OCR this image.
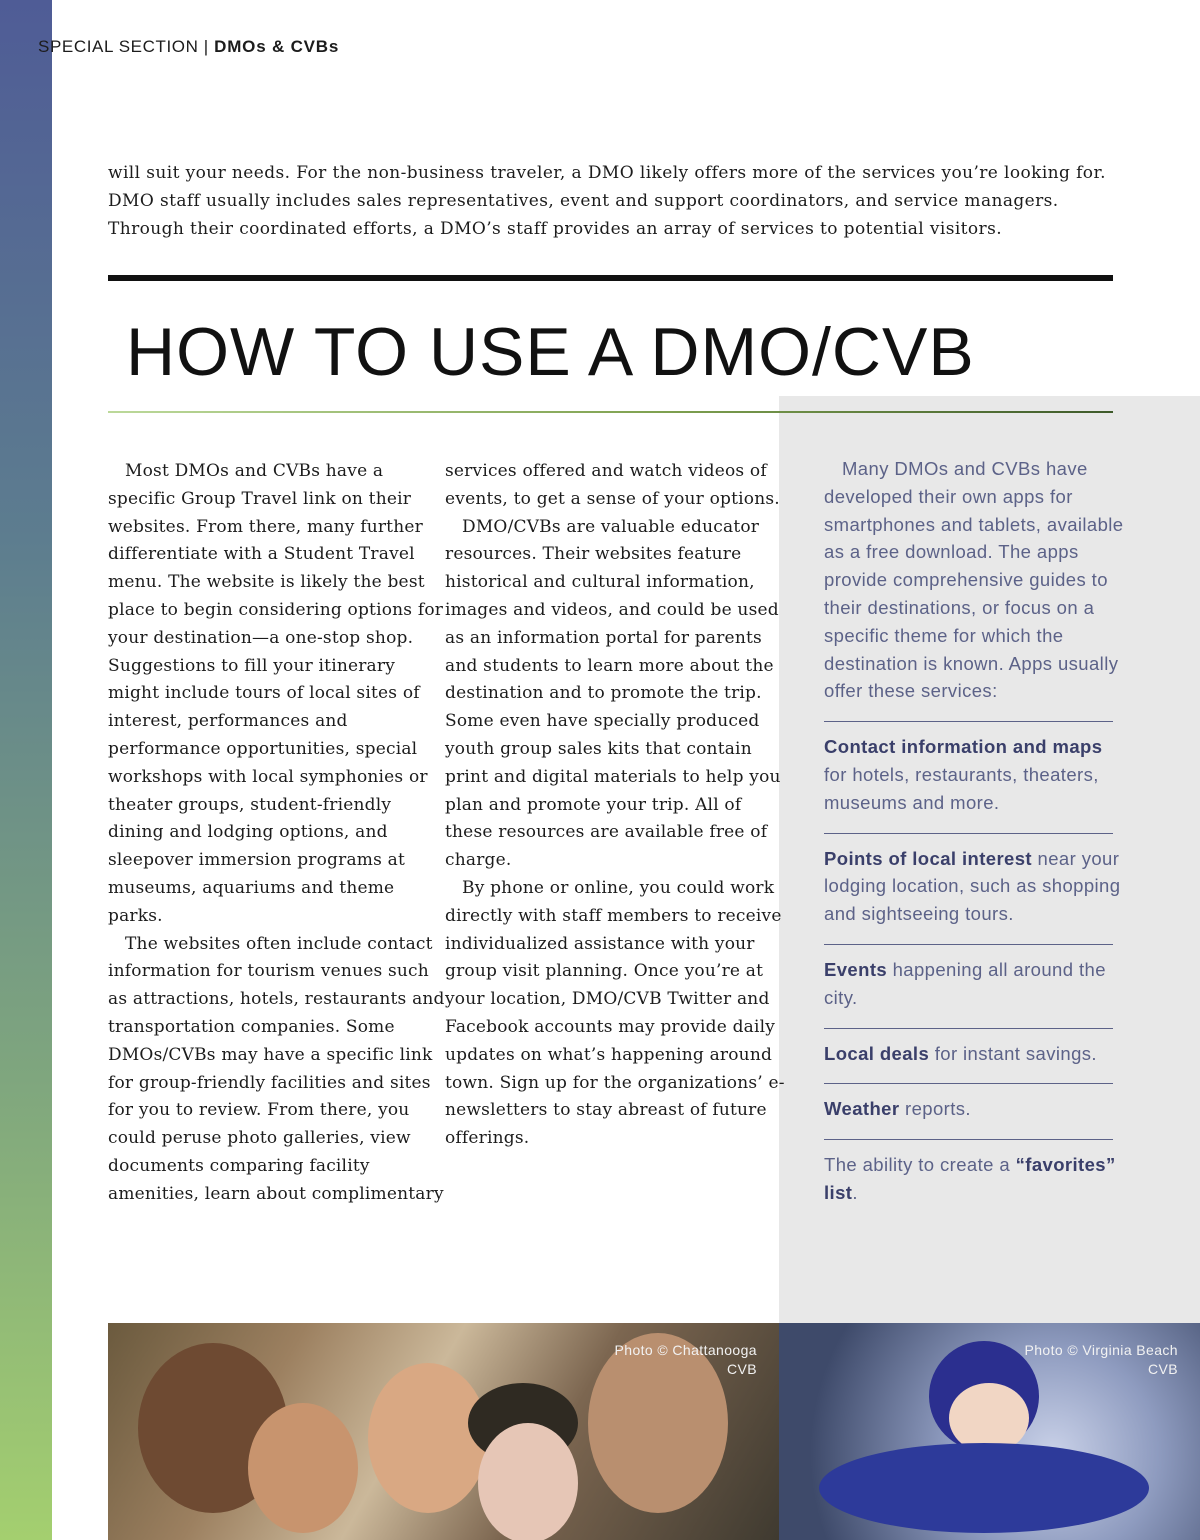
SPECIAL SECTION | DMOs & CVBs

will suit your needs. For the non-business traveler, a DMO likely offers more of the services you’re looking for. DMO staff usually includes sales representatives, event and support coordinators, and service managers. Through their coordinated efforts, a DMO’s staff provides an array of services to potential visitors.

HOW TO USE A DMO/CVB

Most DMOs and CVBs have a specific Group Travel link on their websites. From there, many further differentiate with a Student Travel menu. The website is likely the best place to begin considering options for your destination—a one-stop shop. Suggestions to fill your itinerary might include tours of local sites of interest, performances and performance opportunities, special workshops with local symphonies or theater groups, student-friendly dining and lodging options, and sleepover immersion programs at museums, aquariums and theme parks.

The websites often include contact information for tourism venues such as attractions, hotels, restaurants and transportation companies. Some DMOs/CVBs may have a specific link for group-friendly facilities and sites for you to review. From there, you could peruse photo galleries, view documents comparing facility amenities, learn about complimentary

services offered and watch videos of events, to get a sense of your options.

DMO/CVBs are valuable educator resources. Their websites feature historical and cultural information, images and videos, and could be used as an information portal for parents and students to learn more about the destination and to promote the trip. Some even have specially produced youth group sales kits that contain print and digital materials to help you plan and promote your trip. All of these resources are available free of charge.

By phone or online, you could work directly with staff members to receive individualized assistance with your group visit planning. Once you’re at your location, DMO/CVB Twitter and Facebook accounts may provide daily updates on what’s happening around town. Sign up for the organizations’ e-newsletters to stay abreast of future offerings.

Many DMOs and CVBs have developed their own apps for smartphones and tablets, available as a free download. The apps provide comprehensive guides to their destinations, or focus on a specific theme for which the destination is known. Apps usually offer these services:

Contact information and maps for hotels, restaurants, theaters, museums and more.

Points of local interest near your lodging location, such as shopping and sightseeing tours.

Events happening all around the city.

Local deals for instant savings.

Weather reports.

The ability to create a “favorites” list.

Photo © Chattanooga CVB

Photo © Virginia Beach CVB
